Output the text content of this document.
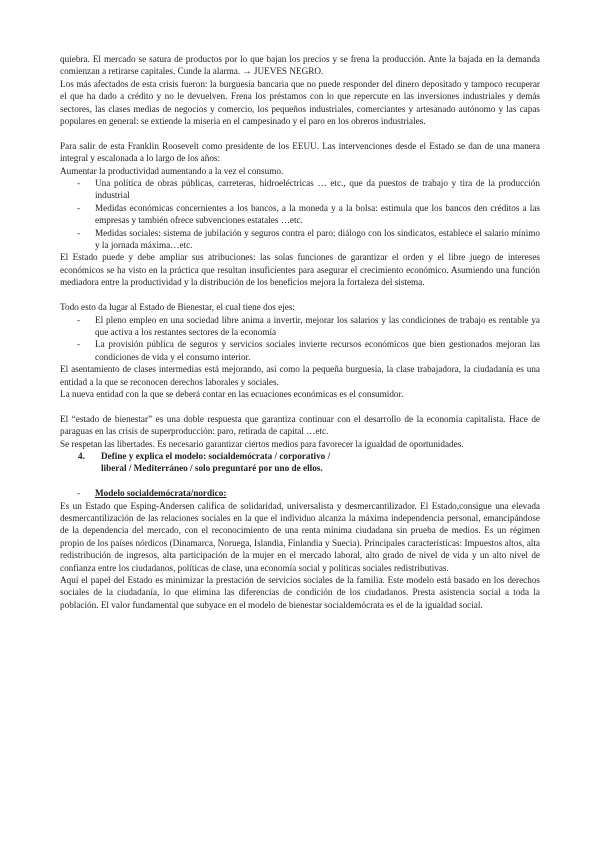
quiebra. El mercado se satura de productos por lo que bajan los precios y se frena la producción. Ante la bajada en la demanda comienzan a retirarse capitales. Cunde la alarma. → JUEVES NEGRO.

Los más afectados de esta crisis fueron: la burguesía bancaria que no puede responder del dinero depositado y tampoco recuperar el que ha dado a crédito y no le devuelven. Frena los préstamos con lo que repercute en las inversiones industriales y demás sectores, las clases medias de negocios y comercio, los pequeños industriales, comerciantes y artesanado autónomo y las capas populares en general: se extiende la miseria en el campesinado y el paro en los obreros industriales.

Para salir de esta Franklin Roosevelt como presidente de los EEUU. Las intervenciones desde el Estado se dan de una manera integral y escalonada a lo largo de los años:

Aumentar la productividad aumentando a la vez el consumo.

- Una política de obras públicas, carreteras, hidroeléctricas … etc., que da puestos de trabajo y tira de la producción industrial
- Medidas económicas concernientes a los bancos, a la moneda y a la bolsa: estimula que los bancos den créditos a las empresas y también ofrece subvenciones estatales …etc.
- Medidas sociales: sistema de jubilación y seguros contra el paro; diálogo con los sindicatos, establece el salario mínimo y la jornada máxima…etc.

El Estado puede y debe ampliar sus atribuciones: las solas funciones de garantizar el orden y el libre juego de intereses económicos se ha visto en la práctica que resultan insuficientes para asegurar el crecimiento económico. Asumiendo una función mediadora entre la productividad y la distribución de los beneficios mejora la fortaleza del sistema.

Todo esto da lugar al Estado de Bienestar, el cual tiene dos ejes:

- El pleno empleo en una sociedad libre anima a invertir, mejorar los salarios y las condiciones de trabajo es rentable ya que activa a los restantes sectores de la economía
- La provisión pública de seguros y servicios sociales invierte recursos económicos que bien gestionados mejoran las condiciones de vida y el consumo interior.

El asentamiento de clases intermedias está mejorando, así como la pequeña burguesía, la clase trabajadora, la ciudadanía es una entidad a la que se reconocen derechos laborales y sociales.

La nueva entidad con la que se deberá contar en las ecuaciones económicas es el consumidor.

El “estado de bienestar” es una doble respuesta que garantiza continuar con el desarrollo de la economía capitalista. Hace de paraguas en las crisis de superproducción: paro, retirada de capital …etc.

Se respetan las libertades. Es necesario garantizar ciertos medios para favorecer la igualdad de oportunidades.

4. Define y explica el modelo: socialdemócrata / corporativo / liberal / Mediterráneo / solo preguntaré por uno de ellos.
- Modelo socialdemócrata/nordico:

Es un Estado que Esping-Andersen califica de solidaridad, universalista y desmercantilizador. El Estado,consigue una elevada desmercantilización de las relaciones sociales en la que el individuo alcanza la máxima independencia personal, emancipándose de la dependencia del mercado, con el reconocimiento de una renta mínima ciudadana sin prueba de medios. Es un régimen propio de los países nórdicos (Dinamarca, Noruega, Islandia, Finlandia y Suecia). Principales características: Impuestos altos, alta redistribución de ingresos, alta participación de la mujer en el mercado laboral, alto grado de nivel de vida y un alto nivel de confianza entre los ciudadanos, políticas de clase, una economía social y políticas sociales redistributivas.

Aquí el papel del Estado es minimizar la prestación de servicios sociales de la familia. Este modelo está basado en los derechos sociales de la ciudadanía, lo que elimina las diferencias de condición de los ciudadanos. Presta asistencia social a toda la población. El valor fundamental que subyace en el modelo de bienestar socialdemócrata es el de la igualdad social.
